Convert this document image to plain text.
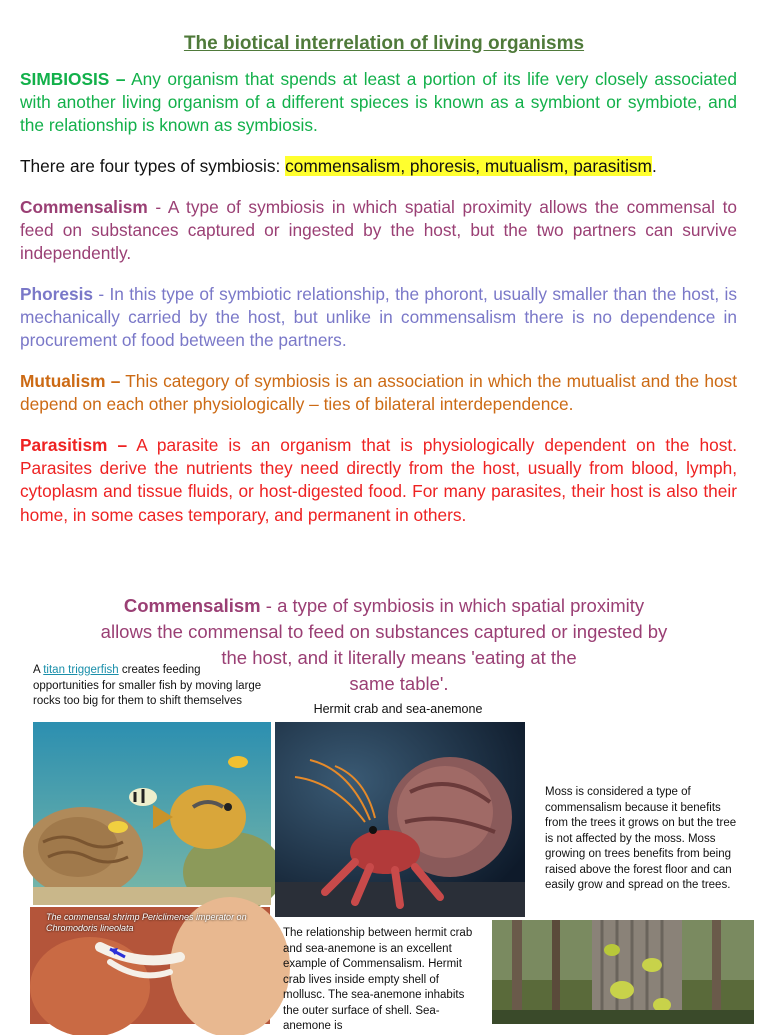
The biotical interrelation of living organisms
SIMBIOSIS – Any organism that spends at least a portion of its life very closely associated with another living organism of a different spieces is known as a symbiont or symbiote, and the relationship is known as symbiosis.
There are four types of symbiosis: commensalism, phoresis, mutualism, parasitism.
Commensalism - A type of symbiosis in which spatial proximity allows the commensal to feed on substances captured or ingested by the host, but the two partners can survive independently.
Phoresis - In this type of symbiotic relationship, the phoront, usually smaller than the host, is mechanically carried by the host, but unlike in commensalism there is no dependence in procurement of food between the partners.
Mutualism – This category of symbiosis is an association in which the mutualist and the host depend on each other physiologically – ties of bilateral interdependence.
Parasitism – A parasite is an organism that is physiologically dependent on the host. Parasites derive the nutrients they need directly from the host, usually from blood, lymph, cytoplasm and tissue fluids, or host-digested food. For many parasites, their host is also their home, in some cases temporary, and permanent in others.
Commensalism - a type of symbiosis in which spatial proximity
allows the commensal to feed on substances captured or ingested by
the host, and it literally means 'eating at the
same table'.
A titan triggerfish creates feeding opportunities for smaller fish by moving large rocks too big for them to shift themselves
Hermit crab and sea-anemone
The commensal shrimp Periclimenes imperator on Chromodoris lineolata
Moss is considered a type of commensalism because it benefits from the trees it grows on but the tree is not affected by the moss. Moss growing on trees benefits from being raised above the forest floor and can easily grow and spread on the trees.
The relationship between hermit crab and sea-anemone is an excellent example of Commensalism. Hermit crab lives inside empty shell of mollusc. The sea-anemone inhabits the outer surface of shell. Sea-anemone is
